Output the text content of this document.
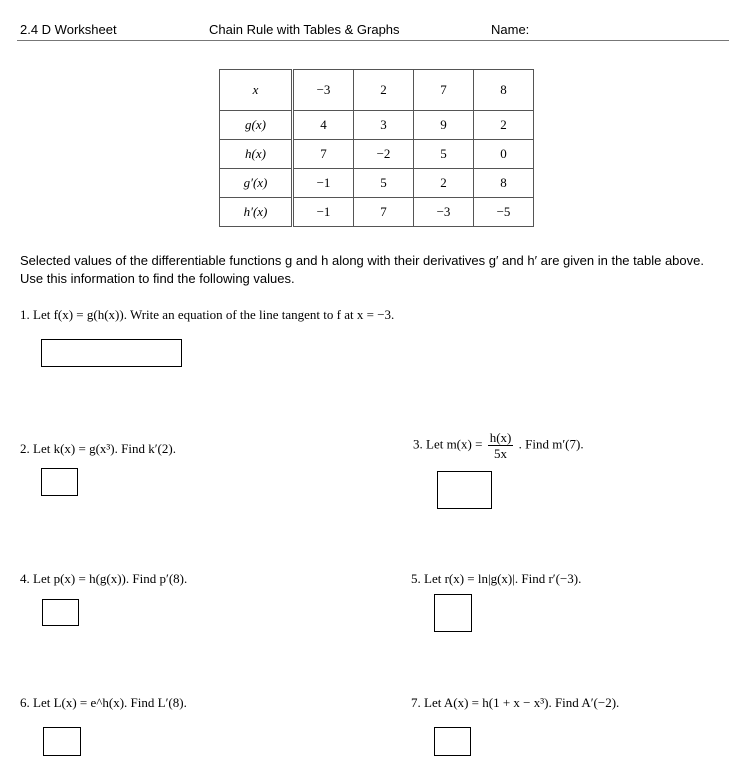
2.4 D Worksheet	Chain Rule with Tables & Graphs	Name:
x	−3	2	7	8
g(x)	4	3	9	2
h(x)	7	−2	5	0
g′(x)	−1	5	2	8
h′(x)	−1	7	−3	−5
Selected values of the differentiable functions g and h along with their derivatives g′ and h′ are given in the table above. Use this information to find the following values.
1. Let f(x) = g(h(x)). Write an equation of the line tangent to f at x = −3.
2. Let k(x) = g(x³). Find k′(2).	3. Let $m(x) = \frac{h(x)}{5x}$ . Find m′(7).
4. Let p(x) = h(g(x)). Find p′(8).	5. Let r(x) = ln|g(x)|. Find r′(−3).
6. Let L(x) = e^h(x). Find L′(8).	7. Let A(x) = h(1 + x − x³). Find A′(−2).
